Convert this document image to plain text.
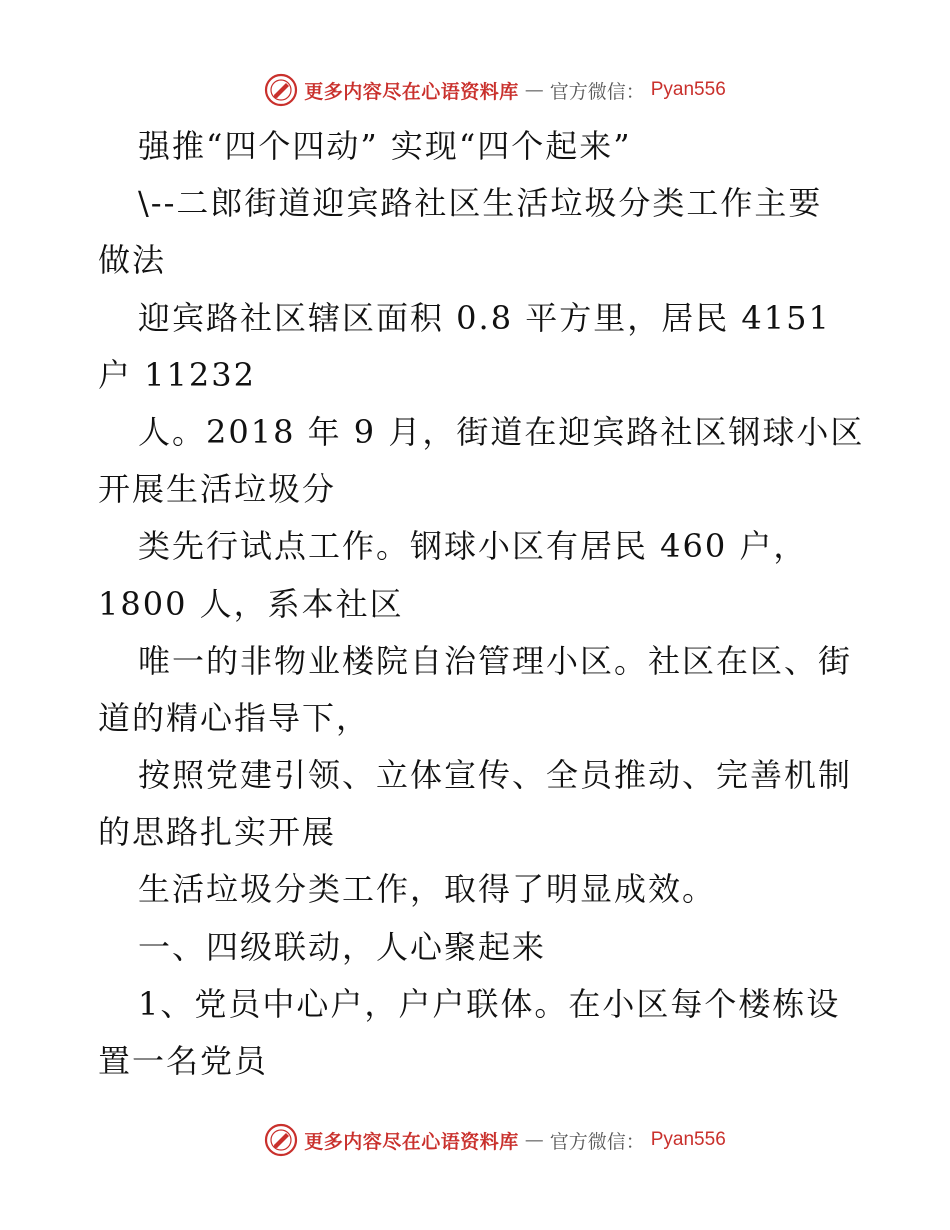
更多内容尽在心语资料库 — 官方微信： Pyan556
强推“四个四动” 实现“四个起来”
\--二郎街道迎宾路社区生活垃圾分类工作主要
做法
迎宾路社区辖区面积 0.8 平方里，居民 4151
户 11232
人。2018 年 9 月，街道在迎宾路社区钢球小区
开展生活垃圾分
类先行试点工作。钢球小区有居民 460 户，
1800 人，系本社区
唯一的非物业楼院自治管理小区。社区在区、街
道的精心指导下，
按照党建引领、立体宣传、全员推动、完善机制
的思路扎实开展
生活垃圾分类工作，取得了明显成效。
一、四级联动，人心聚起来
1、党员中心户，户户联体。在小区每个楼栋设
置一名党员
更多内容尽在心语资料库 — 官方微信： Pyan556
